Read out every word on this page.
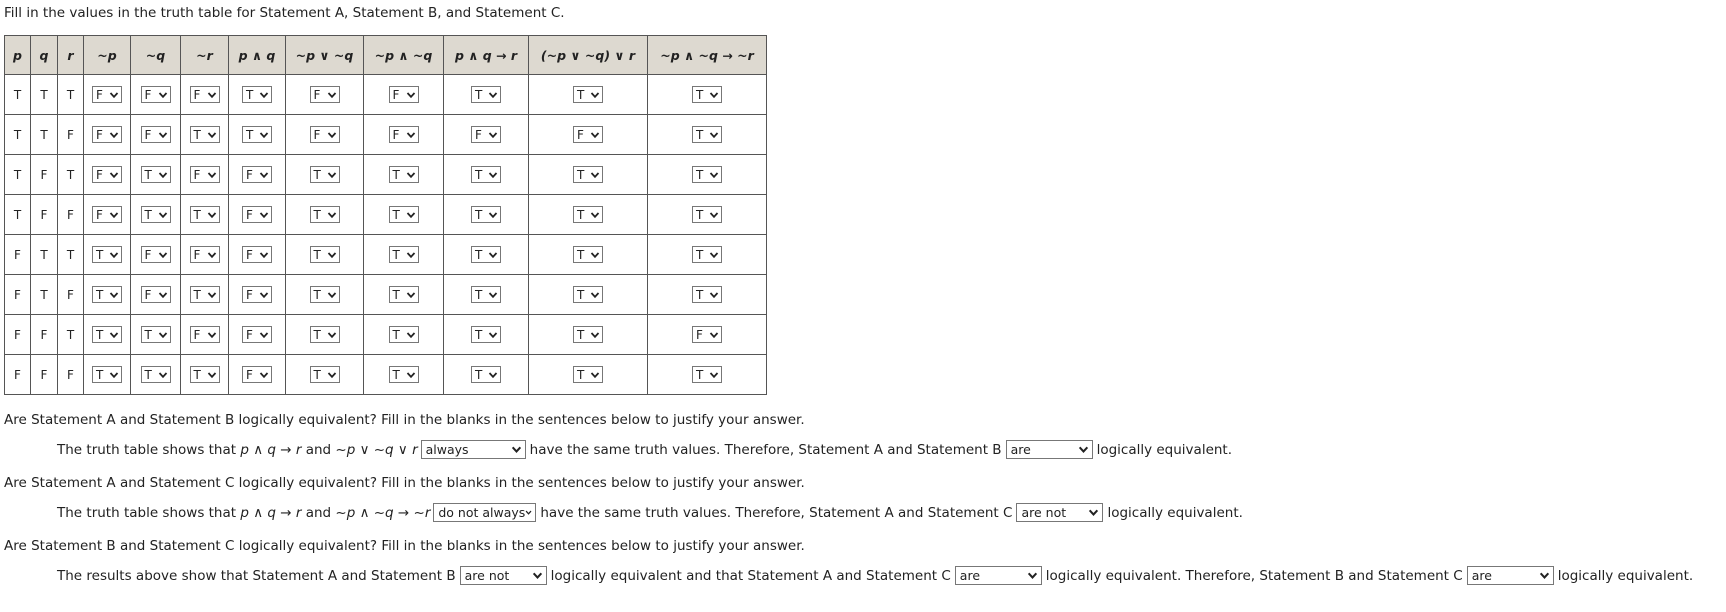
Fill in the values in the truth table for Statement A, Statement B, and Statement C.
p	q	r	~p	~q	~r	p ∧ q	~p ∨ ~q	~p ∧ ~q	p ∧ q → r	(~p ∨ ~q) ∨ r	~p ∧ ~q → ~r
T	T	T	F	F	F	T	F	F	T	T	T

T	T	F	F	F	T	T	F	F	F	F	T

T	F	T	F	T	F	F	T	T	T	T	T

T	F	F	F	T	T	F	T	T	T	T	T

F	T	T	T	F	F	F	T	T	T	T	T

F	T	F	T	F	T	F	T	T	T	T	T

F	F	T	T	T	F	F	T	T	T	T	F

F	F	F	T	T	T	F	T	T	T	T	T
Are Statement A and Statement B logically equivalent? Fill in the blanks in the sentences below to justify your answer.
The truth table shows that p ∧ q → r and ~p ∨ ~q ∨ r always	have the same truth values. Therefore, Statement A and Statement B are	logically equivalent.
Are Statement A and Statement C logically equivalent? Fill in the blanks in the sentences below to justify your answer.
The truth table shows that p ∧ q → r and ~p ∧ ~q → ~r do not always have the same truth values. Therefore, Statement A and Statement C are not	logically equivalent.
Are Statement B and Statement C logically equivalent? Fill in the blanks in the sentences below to justify your answer.
The results above show that Statement A and Statement B are not	logically equivalent and that Statement A and Statement C are	logically equivalent. Therefore, Statement B and Statement C are	logically equivalent.
